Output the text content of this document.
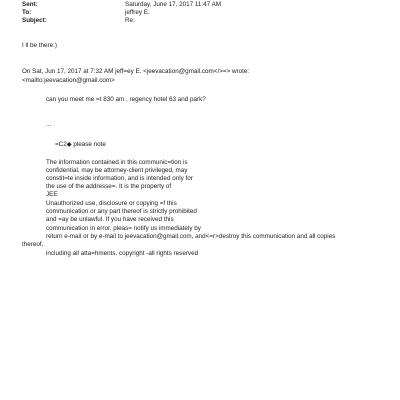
Sent:	Saturday, June 17, 2017 11:47 AM
To:	jeffrey E.
Subject:	Re:
I ll be there:)
On Sat, Jun 17, 2017 at 7:32 AM jeff=ey E. <jeevacation@gmail.com</>=> wrote:
<mailto:jeevacation@gmail.com>
can you meet me =t 830 am , regency hotel 63 and park?
...
=C2◆ please note
The information contained in this communic=tion is
confidential, may be attorney-client privileged, may
constit=te inside information, and is intended only for
the use of the addresse=. It is the property of
JEE
Unauthorized use, disclosure or copying =f this
communication or any part thereof is strictly prohibited
and =ay be unlawful. If you have received this
communication in error, pleas= notify us immediately by
return e-mail or by e-mail to jeevacation@gmail.com, and<=r>destroy this communication and all copies
thereof,
including all atta=hments. copyright -all rights reserved
